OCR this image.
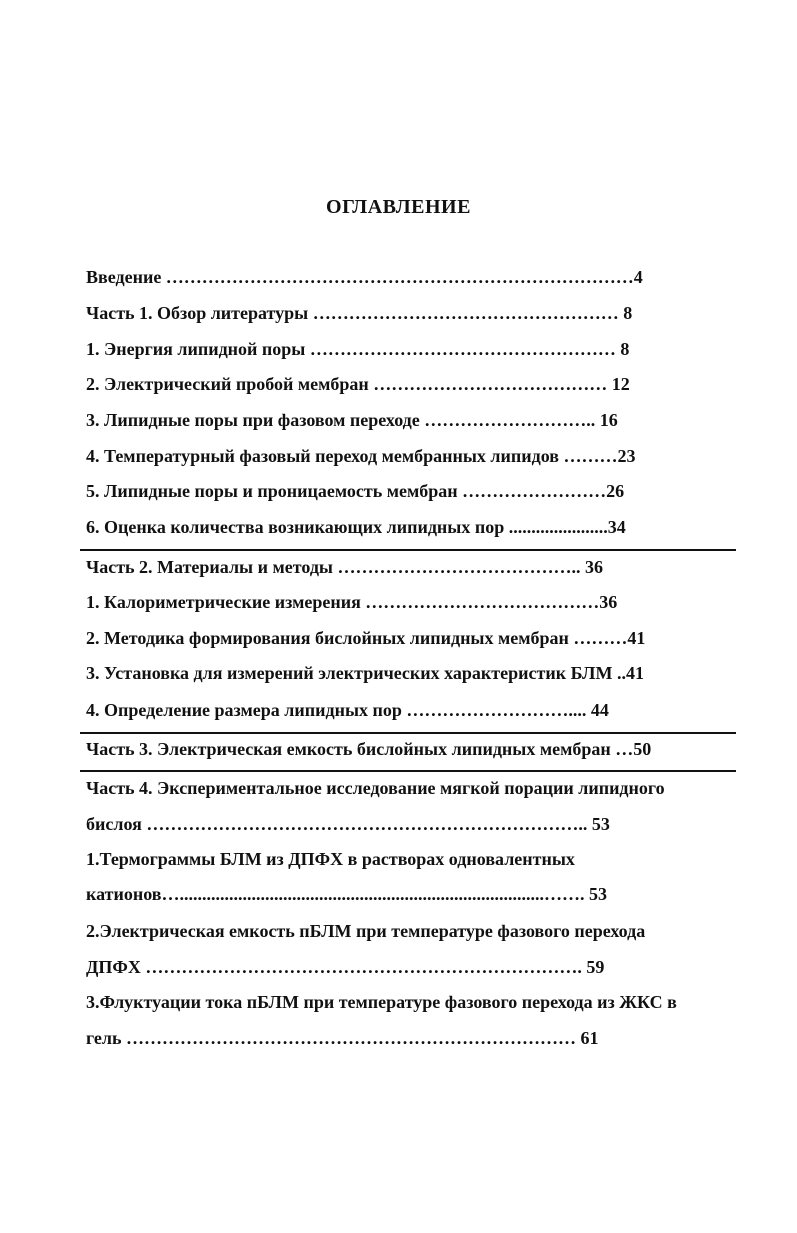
ОГЛАВЛЕНИЕ
Введение ……………………………………………………………………4
Часть 1. Обзор литературы …………………………………………… 8
1. Энергия липидной поры …………………………………………… 8
2. Электрический пробой мембран ………………………………… 12
3. Липидные поры при фазовом переходе ……………………….. 16
4. Температурный фазовый переход мембранных липидов ………23
5. Липидные поры и проницаемость мембран ……………………26
6. Оценка количества возникающих липидных пор ......................34
Часть 2. Материалы и методы ………………………………….. 36
1. Калориметрические измерения …………………………………36
2. Методика формирования бислойных липидных мембран ………41
3. Установка для измерений электрических характеристик БЛМ ..41
4. Определение размера липидных пор ……………………….... 44
Часть 3. Электрическая емкость бислойных липидных мембран …50
Часть 4. Экспериментальное исследование мягкой порации липидного
бислоя ……………………………………………………………….. 53
1.Термограммы БЛМ из ДПФХ в растворах одновалентных
катионов….................................................................................……. 53
2.Электрическая емкость пБЛМ при температуре фазового перехода
ДПФХ ………………………………………………………………. 59
3.Флуктуации тока пБЛМ при температуре фазового перехода из ЖКС в
гель ………………………………………………………………… 61
